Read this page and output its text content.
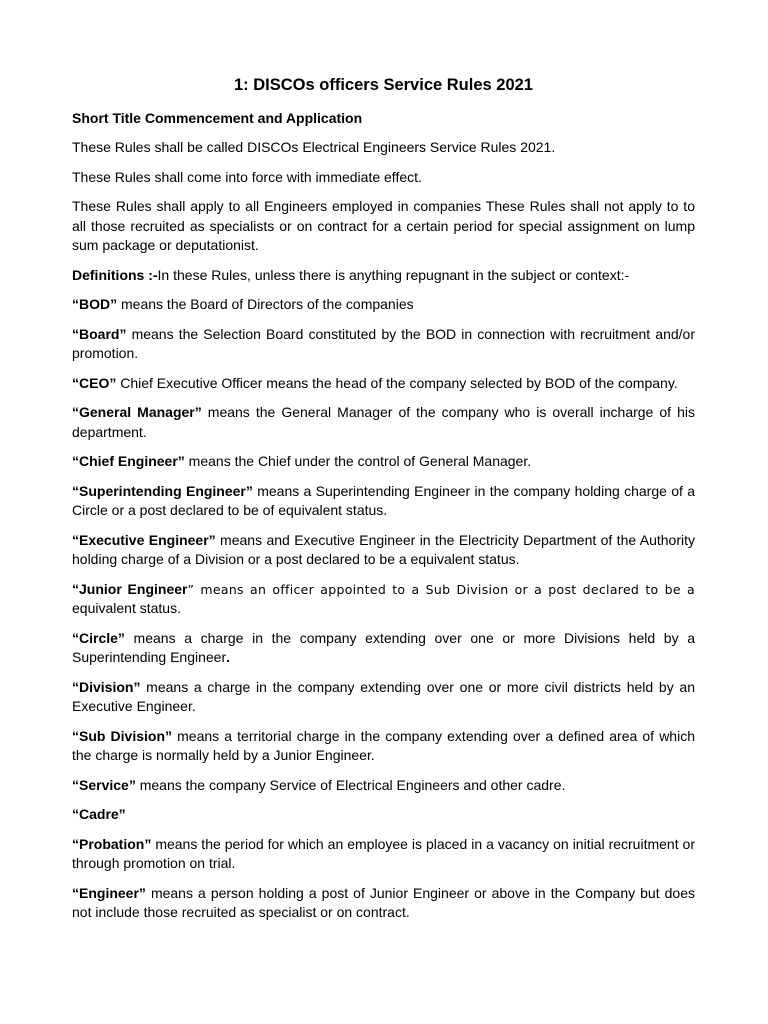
1: DISCOs officers Service Rules 2021
Short Title Commencement and Application

These Rules shall be called DISCOs Electrical Engineers Service Rules 2021.

These Rules shall come into force with immediate effect.

These Rules shall apply to all Engineers employed in companies These Rules shall not apply to to all those recruited as specialists or on contract for a certain period for special assignment on lump sum package or deputationist.

Definitions :-In these Rules, unless there is anything repugnant in the subject or context:-

“BOD” means the Board of Directors of the companies

“Board” means the Selection Board constituted by the BOD in connection with recruitment and/or promotion.

“CEO” Chief Executive Officer means the head of the company selected by BOD of the company.

“General Manager” means the General Manager of the company who is overall incharge of his department.

“Chief Engineer” means the Chief under the control of General Manager.

“Superintending Engineer” means a Superintending Engineer in the company holding charge of a Circle or a post declared to be of equivalent status.

“Executive Engineer” means and Executive Engineer in the Electricity Department of the Authority holding charge of a Division or a post declared to be a equivalent status.

“Junior Engineer” means an officer appointed to a Sub Division or a post declared to be a equivalent status.

“Circle” means a charge in the company extending over one or more Divisions held by a Superintending Engineer.

“Division” means a charge in the company extending over one or more civil districts held by an Executive Engineer.

“Sub Division” means a territorial charge in the company extending over a defined area of which the charge is normally held by a Junior Engineer.

“Service” means the company Service of Electrical Engineers and other cadre.

“Cadre”

“Probation” means the period for which an employee is placed in a vacancy on initial recruitment or through promotion on trial.

“Engineer” means a person holding a post of Junior Engineer or above in the Company but does not include those recruited as specialist or on contract.
